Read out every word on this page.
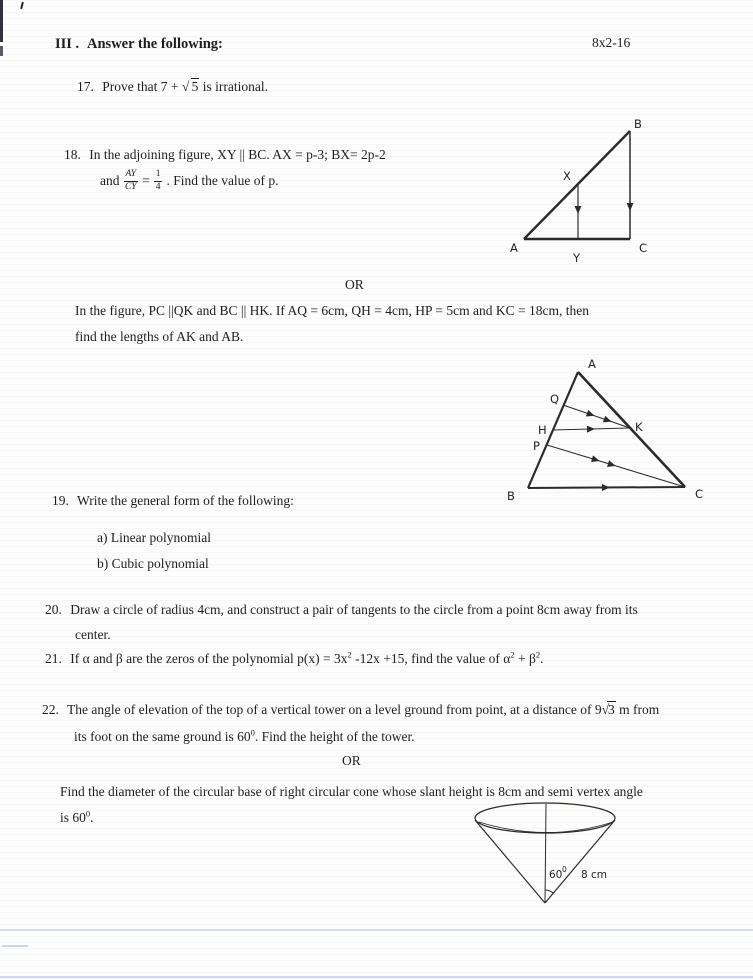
III . Answer the following:	8x2-16
17. Prove that 7 + √ 5 is irrational.
18. In the adjoining figure, XY || BC. AX = p-3; BX= 2p-2
and $\frac{AY}{CY} = \frac{1}{4}$ . Find the value of p.
A
B
C
X
Y
OR
In the figure, PC ||QK and BC || HK. If AQ = 6cm, QH = 4cm, HP = 5cm and KC = 18cm, then
find the lengths of AK and AB.
A
Q
H
P
K
B	C
19. Write the general form of the following:
a) Linear polynomial
b) Cubic polynomial
20. Draw a circle of radius 4cm, and construct a pair of tangents to the circle from a point 8cm away from its
center.
21. If α and β are the zeros of the polynomial $p(x) = 3x^2$ -12x +15, find the value of $\alpha^2 + \beta^2$.
22. The angle of elevation of the top of a vertical tower on a level ground from point, at a distance of 9√3 m from
its foot on the same ground is $60^0$. Find the height of the tower.
OR
Find the diameter of the circular base of right circular cone whose slant height is 8cm and semi vertex angle
is $60^0$.
60 0 8 cm
